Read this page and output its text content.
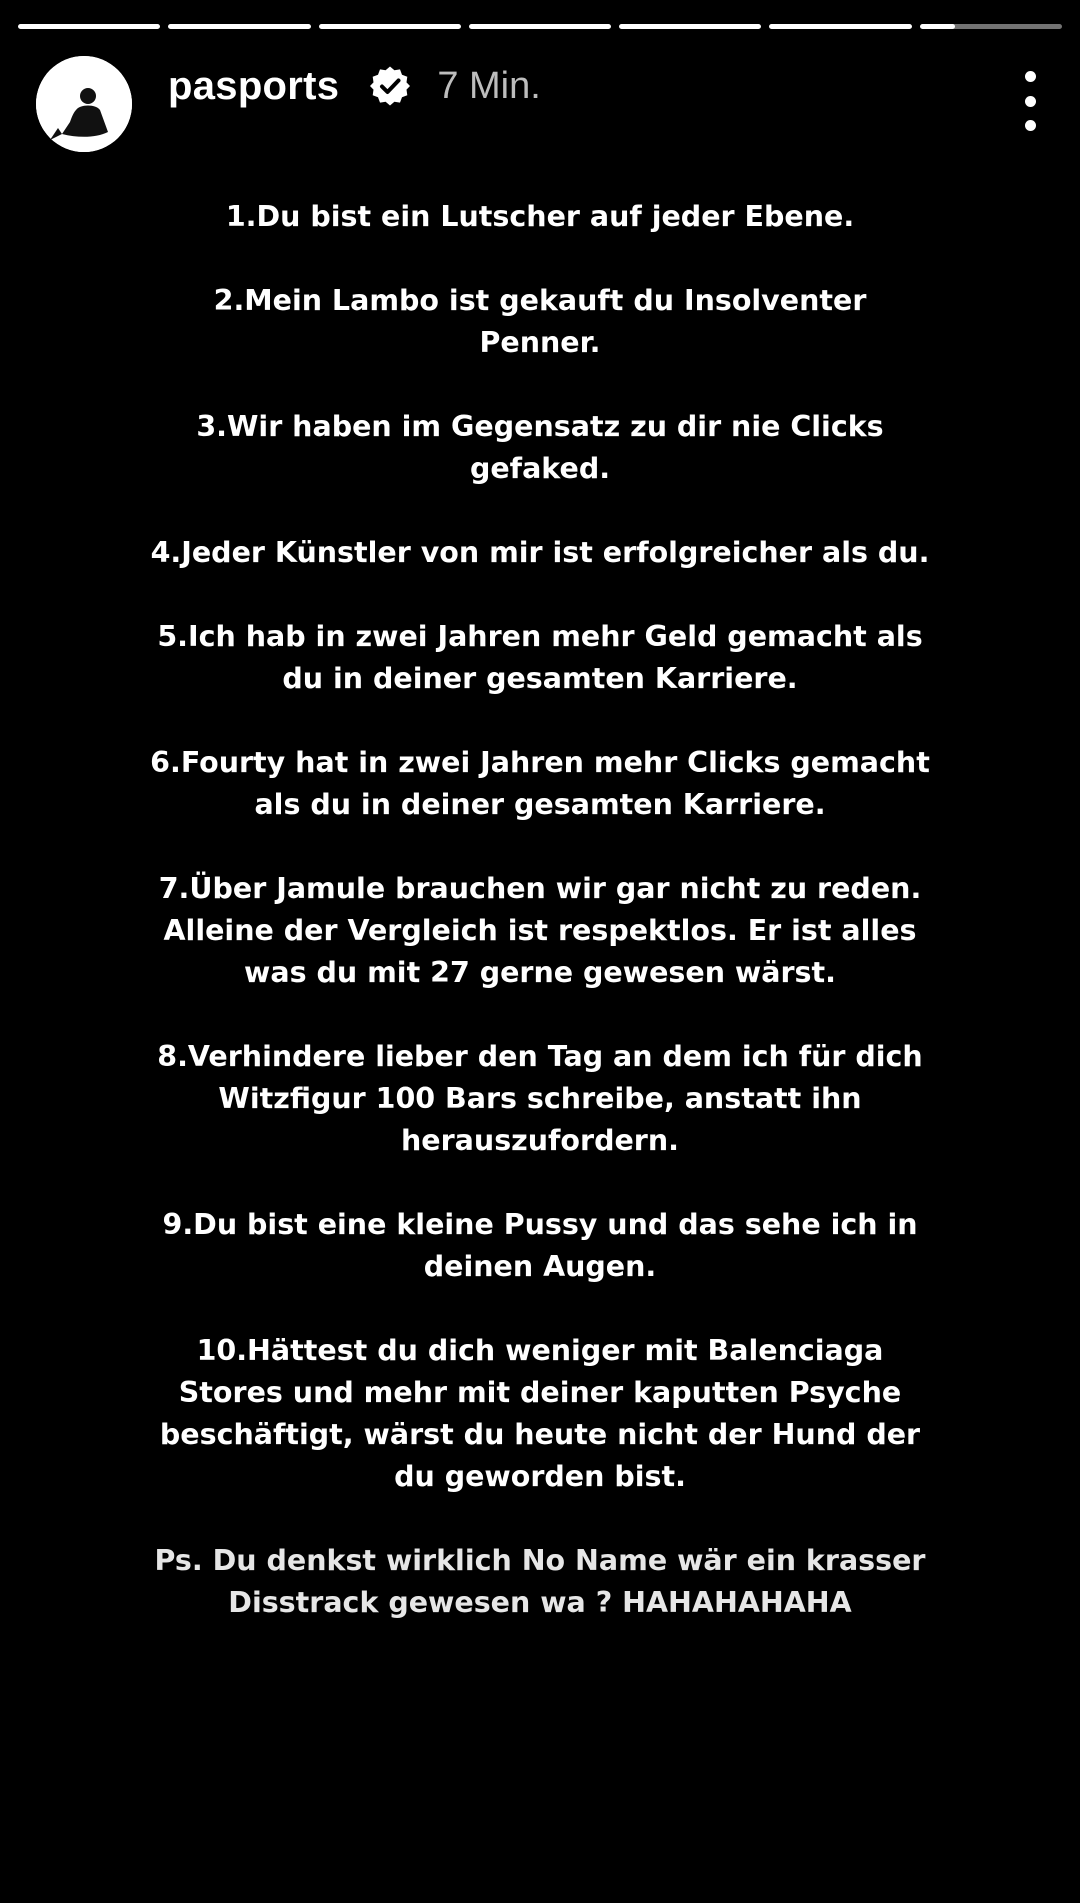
pasports	7 Min.

1.Du bist ein Lutscher auf jeder Ebene.

2.Mein Lambo ist gekauft du Insolventer Penner.

3.Wir haben im Gegensatz zu dir nie Clicks gefaked.

4.Jeder Künstler von mir ist erfolgreicher als du.

5.Ich hab in zwei Jahren mehr Geld gemacht als du in deiner gesamten Karriere.

6.Fourty hat in zwei Jahren mehr Clicks gemacht als du in deiner gesamten Karriere.

7.Über Jamule brauchen wir gar nicht zu reden. Alleine der Vergleich ist respektlos. Er ist alles was du mit 27 gerne gewesen wärst.

8.Verhindere lieber den Tag an dem ich für dich Witzfigur 100 Bars schreibe, anstatt ihn herauszufordern.

9.Du bist eine kleine Pussy und das sehe ich in deinen Augen.

10.Hättest du dich weniger mit Balenciaga Stores und mehr mit deiner kaputten Psyche beschäftigt, wärst du heute nicht der Hund der du geworden bist.

Ps. Du denkst wirklich No Name wär ein krasser Disstrack gewesen wa ? HAHAHAHAHA
